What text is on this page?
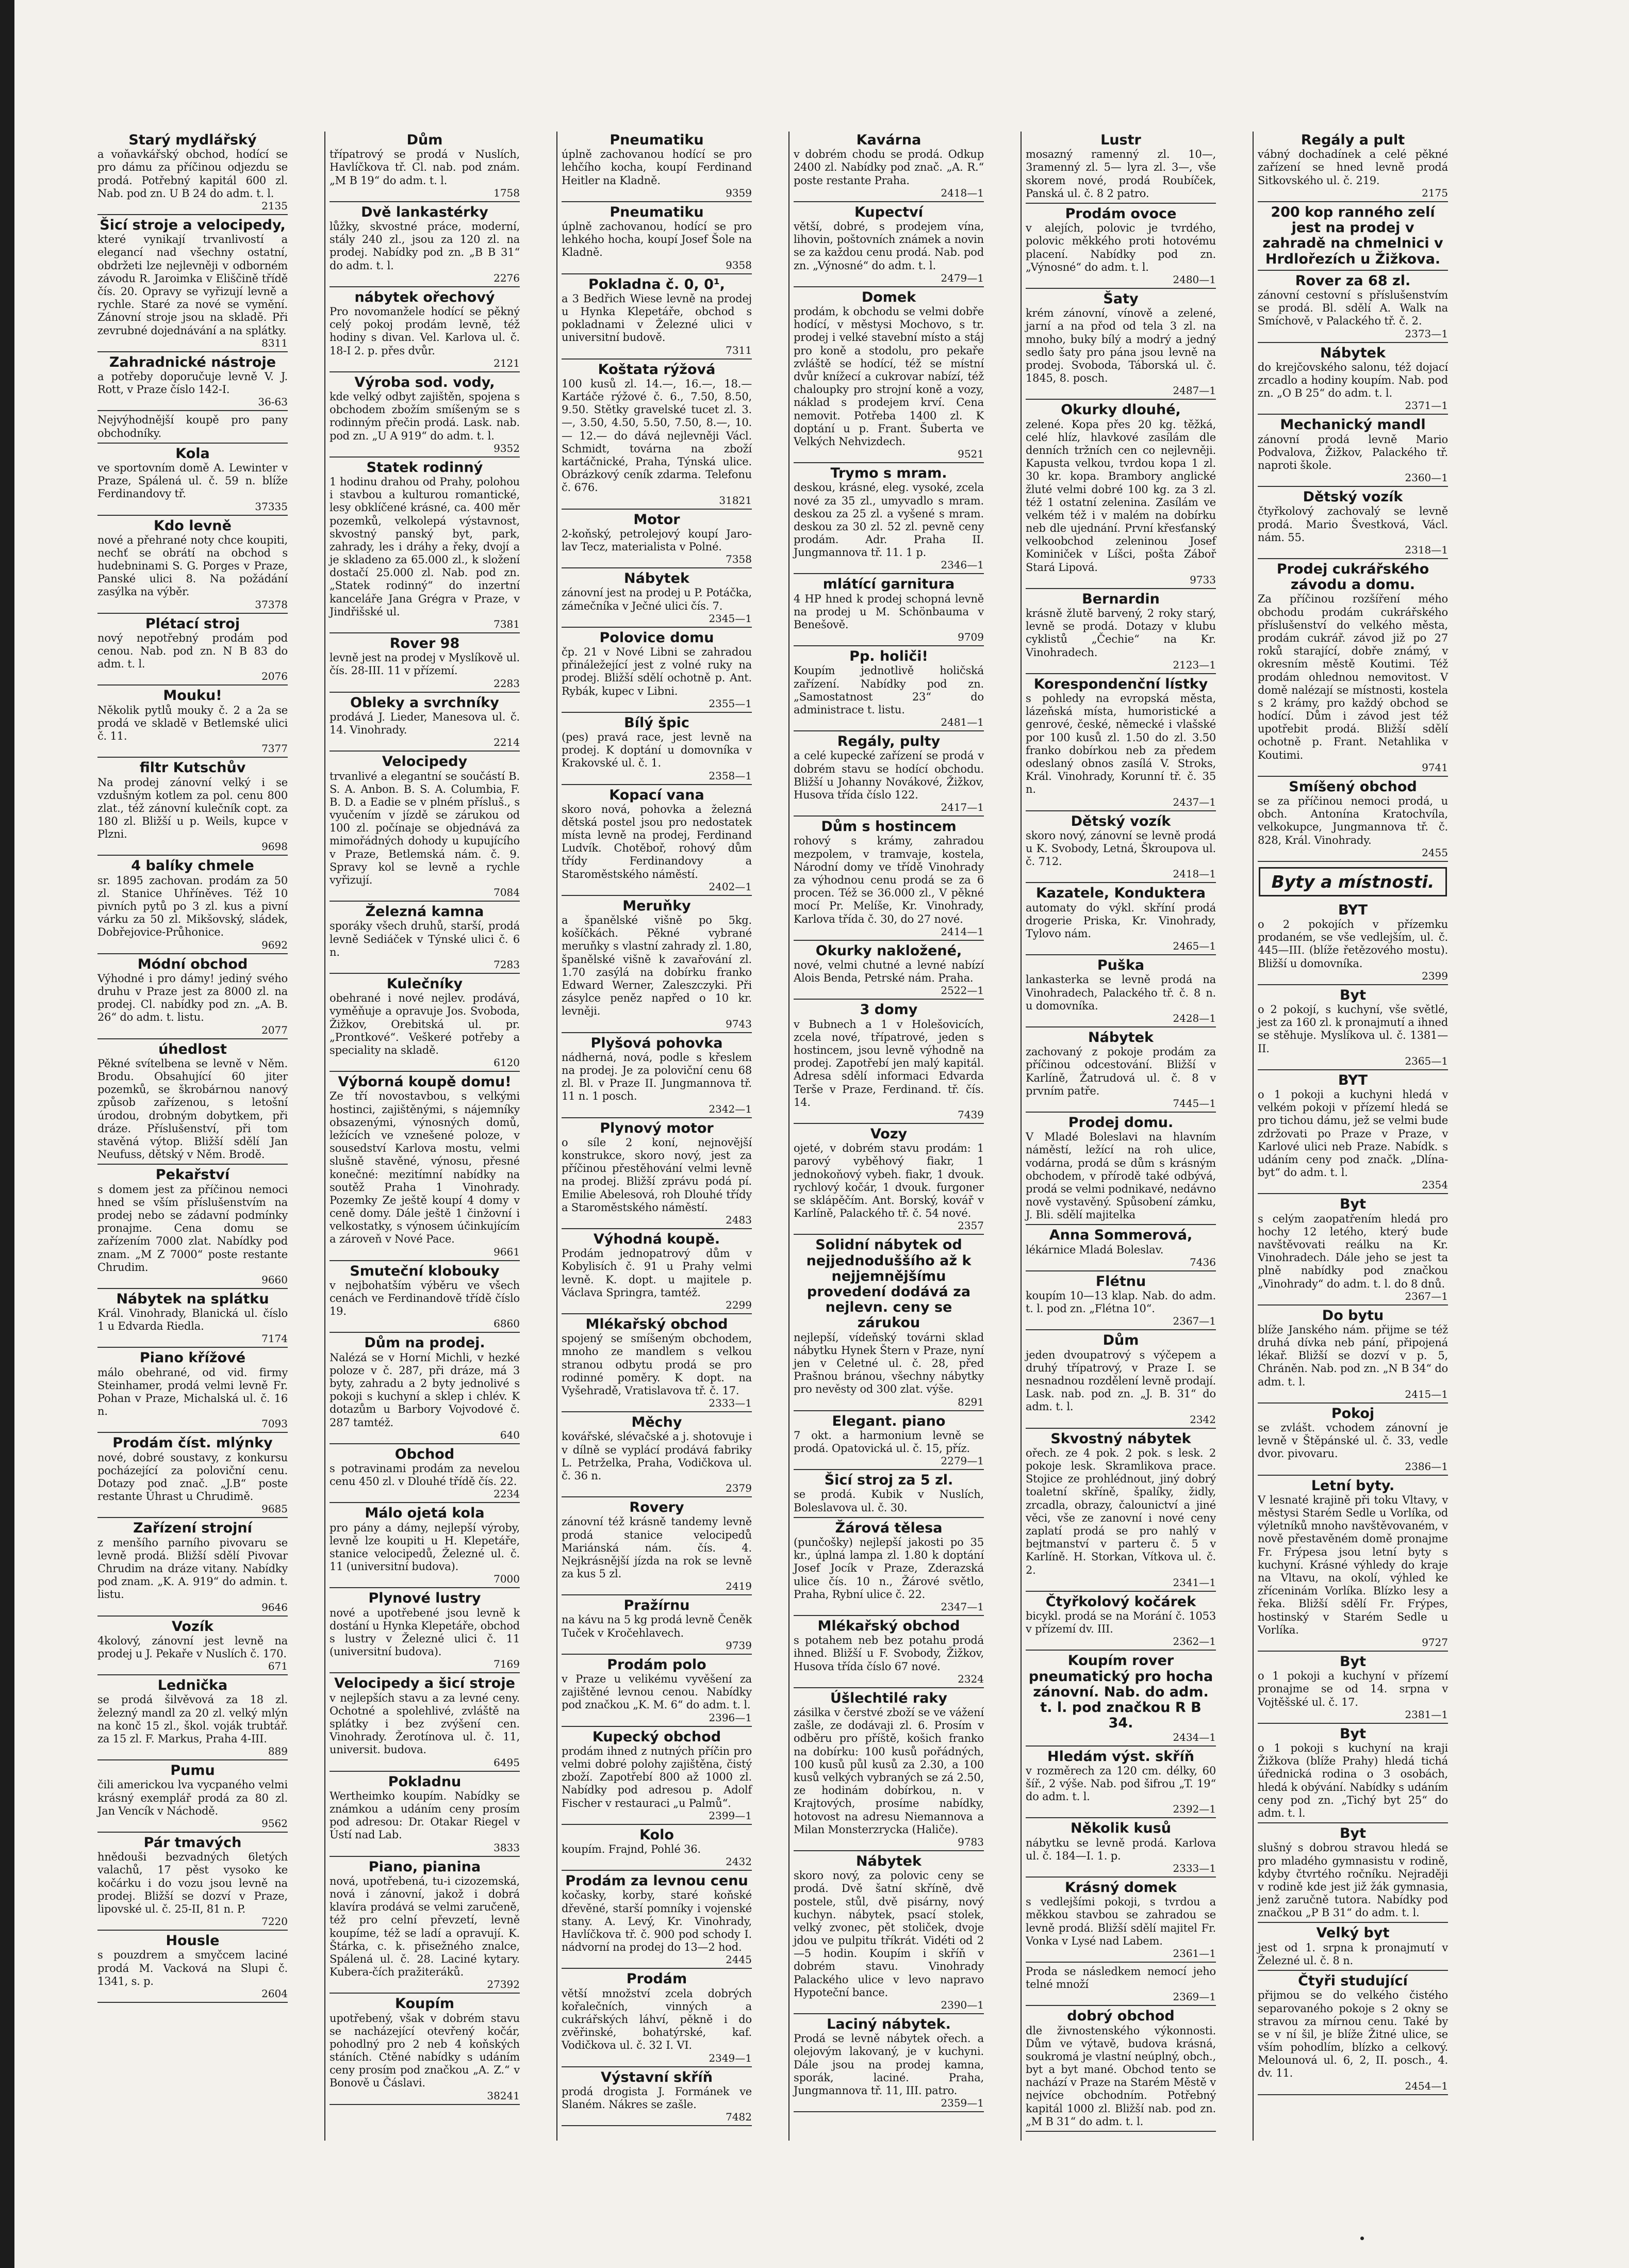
Starý mydlářský
a voňavkářský obchod, hodící se pro dámu za příčinou odjezdu se prodá. Potřebný kapitál 600 zl. Nab. pod zn. U B 24 do adm. t. l.
2135
Šicí stroje a velocipedy,
které vynikají trvanlivostí a elegancí nad všechny ostatní, obdržeti lze nejlevněji v odborném závodu R. Jaroimka v Eliščině třídě čís. 20. Opravy se vyřizují levně a rychle. Staré za nové se vymění. Zánovní stroje jsou na skladě. Při zevrubné dojednávání a na splátky.
8311
Zahradnické nástroje
a potřeby doporučuje levně V. J. Rott, v Praze číslo 142-I.
36-63
Nejvýhodnější koupě pro pany obchodníky.
Kola
ve sportovním domě A. Lewinter v Praze, Spálená ul. č. 59 n. blíže Ferdinandovy tř.
37335
Kdo levně
nové a přehrané noty chce koupiti, nechť se obrátí na obchod s hudebninami S. G. Porges v Praze, Panské ulici 8. Na požádání zasýlka na výběr.
37378
Plétací stroj
nový nepotřebný prodám pod cenou. Nab. pod zn. N B 83 do adm. t. l.
2076
Mouku!
Několik pytlů mouky č. 2 a 2a se prodá ve skladě v Betlemské ulici č. 11.
7377
filtr Kutschův
Na prodej zánovní velký i se vzdušným kotlem za pol. cenu 800 zlat., též zánovní kulečník copt. za 180 zl. Bližší u p. Weils, kupce v Plzni.
9698
4 balíky chmele
sr. 1895 zachovan. prodám za 50 zl. Stanice Uhříněves. Též 10 pivních pytů po 3 zl. kus a pivní várku za 50 zl. Mikšovský, sládek, Dobřejovice-Průhonice.
9692
Módní obchod
Výhodné i pro dámy! jediný svého druhu v Praze jest za 8000 zl. na prodej. Cl. nabídky pod zn. „A. B. 26“ do adm. t. listu.
2077
úhedlost
Pěkné svítelbena se levně v Něm. Brodu. Obsahující 60 jiter pozemků, se škrobárnou nanový způsob zařízenou, s letošní úrodou, drobným dobytkem, při dráze. Příslušenství, při tom stavěná výtop. Bližší sdělí Jan Neufuss, dětský v Něm. Brodě.
Pekařství
s domem jest za příčinou nemoci hned se vším příslušenstvím na prodej nebo se zádavní podmínky pronajme. Cena domu se zařízením 7000 zlat. Nabídky pod znam. „M Z 7000“ poste restante Chrudim.
9660
Nábytek na splátku
Král. Vinohrady, Blanická ul. číslo 1 u Edvarda Riedla.
7174
Piano křížové
málo obehrané, od vid. firmy Steinhamer, prodá velmi levně Fr. Pohan v Praze, Michalská ul. č. 16 n.
7093
Prodám číst. mlýnky
nové, dobré soustavy, z konkursu pocházející za poloviční cenu. Dotazy pod znač. „J.B“ poste restante Úhrast u Chrudimě.
9685
Zařízení strojní
z menšího parního pivovaru se levně prodá. Bližší sdělí Pivovar Chrudim na dráze vitany. Nabídky pod znam. „K. A. 919“ do admin. t. listu.
9646
Vozík
4kolový, zánovní jest levně na prodej u J. Pekaře v Nuslích č. 170.
671
Lednička
se prodá šilvěvová za 18 zl. železný mandl za 20 zl. velký mlýn na konč 15 zl., škol. voják trubtář. za 15 zl. F. Markus, Praha 4-III.
889
Pumu
čili americkou lva vycpaného velmi krásný exemplář prodá za 80 zl. Jan Vencík v Náchodě.
9562
Pár tmavých
hnědouši bezvadných 6letých valachů, 17 pěst vysoko ke kočárku i do vozu jsou levně na prodej. Bližší se dozví v Praze, lipovské ul. č. 25-II, 81 n. P.
7220
Housle
s pouzdrem a smyčcem laciné prodá M. Vacková na Slupi č. 1341, s. p.
2604
Dům
třípatrový se prodá v Nuslích, Havlíčkova tř. Cl. nab. pod znám. „M B 19“ do adm. t. l.
1758
Dvě lankastérky
lůžky, skvostné práce, moderní, stály 240 zl., jsou za 120 zl. na prodej. Nabídky pod zn. „B B 31“ do adm. t. l.
2276
nábytek ořechový
Pro novomanžele hodící se pěkný celý pokoj prodám levně, též hodiny s divan. Vel. Karlova ul. č. 18-I 2. p. přes dvůr.
2121
Výroba sod. vody,
kde velký odbyt zajištěn, spojena s obchodem zbožím smíšeným se s rodinným přečin prodá. Lask. nab. pod zn. „U A 919“ do adm. t. l.
9352
Statek rodinný
1 hodinu drahou od Prahy, polohou i stavbou a kulturou romantické, lesy obklíčené krásné, ca. 400 měr pozemků, velkolepá výstavnost, skvostný panský byt, park, zahrady, les i dráhy a řeky, dvojí a je skladeno za 65.000 zl., k složení dostačí 25.000 zl. Nab. pod zn. „Statek rodinný“ do inzertní kanceláře Jana Grégra v Praze, v Jindřišské ul.
7381
Rover 98
levně jest na prodej v Myslíkově ul. čís. 28-III. 11 v přízemí.
2283
Obleky a svrchníky
prodává J. Lieder, Manesova ul. č. 14. Vinohrady.
2214
Velocipedy
trvanlivé a elegantní se součástí B. S. A. Anbon. B. S. A. Columbia, F. B. D. a Eadie se v plném přísluš., s vyučením v jízdě se zárukou od 100 zl. počínaje se objednává za mimořádných dohody u kupujícího v Praze, Betlemská nám. č. 9. Spravy kol se levně a rychle vyřizují.
7084
Železná kamna
sporáky všech druhů, starší, prodá levně Sediáček v Týnské ulici č. 6 n.
7283
Kulečníky
obehrané i nové nejlev. prodává, vyměňuje a opravuje Jos. Svoboda, Žižkov, Orebitská ul. pr. „Prontkové“. Veškeré potřeby a speciality na skladě.
6120
Výborná koupě domu!
Ze tří novostavbou, s velkými hostinci, zajištěnými, s nájemníky obsazenými, výnosných domů, ležících ve vznešené poloze, v sousedství Karlova mostu, velmi slušně stavěné, výnosu, přesné konečné: mezitímní nabídky na soutěž Praha 1 Vinohrady. Pozemky Ze ještě koupí 4 domy v ceně domy. Dále ještě 1 činžovní i velkostatky, s výnosem účinkujícím a zároveň v Nové Pace.
9661
Smuteční klobouky
v nejbohatším výběru ve všech cenách ve Ferdinandově třídě číslo 19.
6860
Dům na prodej.
Nalézá se v Horní Michli, v hezké poloze v č. 287, při dráze, má 3 byty, zahradu a 2 byty jednolivé s pokoji s kuchyní a sklep i chlév. K dotazům u Barbory Vojvodové č. 287 tamtéž.
640
Obchod
s potravinami prodám za nevelou cenu 450 zl. v Dlouhé třídě čís. 22.
2234
Málo ojetá kola
pro pány a dámy, nejlepší výroby, levně lze koupiti u H. Klepetáře, stanice velocipedů, Železné ul. č. 11 (universitní budova).
7000
Plynové lustry
nové a upotřebené jsou levně k dostání u Hynka Klepetáře, obchod s lustry v Železné ulici č. 11 (universitní budova).
7169
Velocipedy a šicí stroje
v nejlepších stavu a za levné ceny. Ochotné a spolehlivé, zvláště na splátky i bez zvýšení cen. Vinohrady. Žerotínova ul. č. 11, universit. budova.
6495
Pokladnu
Wertheimko koupím. Nabídky se známkou a udáním ceny prosím pod adresou: Dr. Otakar Riegel v Ústí nad Lab.
3833
Piano, pianina
nová, upotřebená, tu-i cizozemská, nová i zánovní, jakož i dobrá klavíra prodává se velmi zaručeně, též pro celní převzetí, levně koupíme, též se ladí a opravují. K. Štárka, c. k. přisežného znalce, Spálená ul. č. 28. Laciné kytary. Kubera-čích pražiteráků.
27392
Koupím
upotřebený, však v dobrém stavu se nacházející otevřený kočár, pohodlný pro 2 neb 4 koňských stáních. Ctěné nabídky s udáním ceny prosím pod značkou „A. Z.“ v Bonově u Čáslavi.
38241
Pneumatiku
úplně zachovanou hodící se pro lehčího kocha, koupí Ferdinand Heitler na Kladně.
9359
Pneumatiku
úplně zachovanou, hodící se pro lehkého hocha, koupí Josef Šole na Kladně.
9358
Pokladna č. 0, 0¹,
a 3 Bedřich Wiese levně na prodej u Hynka Klepetáře, obchod s pokladnami v Železné ulici v universitní budově.
7311
Koštata rýžová
100 kusů zl. 14.—, 16.—, 18.— Kartáče rýžové č. 6., 7.50, 8.50, 9.50. Stětky gravelské tucet zl. 3.—, 3.50, 4.50, 5.50, 7.50, 8.—, 10.— 12.— do dává nejlevněji Václ. Schmidt, továrna na zboží kartáčnické, Praha, Týnská ulice. Obrázkový ceník zdarma. Telefonu č. 676.
31821
Motor
2-koňský, petrolejový koupí Jaro-lav Tecz, materialista v Polné.
7358
Nábytek
zánovní jest na prodej u P. Potáčka, zámečníka v Ječné ulici čís. 7.
2345—1
Polovice domu
čp. 21 v Nové Libni se zahradou přináležející jest z volné ruky na prodej. Bližší sdělí ochotně p. Ant. Rybák, kupec v Libni.
2355—1
Bílý špic
(pes) pravá race, jest levně na prodej. K doptání u domovníka v Krakovské ul. č. 1.
2358—1
Kopací vana
skoro nová, pohovka a železná dětská postel jsou pro nedostatek místa levně na prodej, Ferdinand Ludvík. Chotěboř, rohový dům třídy Ferdinandovy a Staroměstského náměstí.
2402—1
Meruňky
a španělské višně po 5kg. košíčkách. Pěkné vybrané meruňky s vlastní zahrady zl. 1.80, španělské višně k zavařování zl. 1.70 zasýlá na dobírku franko Edward Werner, Zaleszczyki. Při zásylce peněz napřed o 10 kr. levněji.
9743
Plyšová pohovka
nádherná, nová, podle s křeslem na prodej. Je za poloviční cenu 68 zl. Bl. v Praze II. Jungmannova tř. 11 n. 1 posch.
2342—1
Plynový motor
o síle 2 koní, nejnovější konstrukce, skoro nový, jest za příčinou přestěhování velmi levně na prodej. Bližší zprávu podá pí. Emilie Abelesová, roh Dlouhé třídy a Staroměstského náměstí.
2483
Výhodná koupě.
Prodám jednopatrový dům v Kobylisích č. 91 u Prahy velmi levně. K. dopt. u majitele p. Václava Springra, tamtéž.
2299
Mlékařský obchod
spojený se smíšeným obchodem, mnoho ze mandlem s velkou stranou odbytu prodá se pro rodinné poměry. K dopt. na Vyšehradě, Vratislavova tř. č. 17.
2333—1
Měchy
kovářské, slévačské a j. shotovuje i v dílně se vyplácí prodává fabriky L. Petrželka, Praha, Vodičkova ul. č. 36 n.
2379
Rovery
zánovní též krásně tandemy levně prodá stanice velocipedů Mariánská nám. čís. 4. Nejkrásnější jízda na rok se levně za kus 5 zl.
2419
Pražírnu
na kávu na 5 kg prodá levně Čeněk Tuček v Kročehlavech.
9739
Prodám polo
v Praze u velikému vyvěšení za zajištěné levnou cenou. Nabídky pod značkou „K. M. 6“ do adm. t. l.
2396—1
Kupecký obchod
prodám ihned z nutných příčin pro velmi dobré polohy zajištěna, čistý zboží. Zapotřebí 800 až 1000 zl. Nabídky pod adresou p. Adolf Fischer v restauraci „u Palmů“.
2399—1
Kolo
koupím. Frajnd, Pohlé 36.
2432
Prodám za levnou cenu
kočasky, korby, staré koňské dřevěné, starší pomníky i vojenské stany. A. Levý, Kr. Vinohrady, Havlíčkova tř. č. 900 pod schody I. nádvorní na prodej do 13—2 hod.
2445
Prodám
větší množství zcela dobrých kořalečních, vinných a cukrářských láhví, pěkně i do zvěřinské, bohatýrské, kaf. Vodičkova ul. č. 32 I. VI.
2349—1
Výstavní skříň
prodá drogista J. Formánek ve Slaném. Nákres se zašle.
7482
Kavárna
v dobrém chodu se prodá. Odkup 2400 zl. Nabídky pod znač. „A. R.“ poste restante Praha.
2418—1
Kupectví
větší, dobré, s prodejem vína, lihovin, poštovních známek a novin se za každou cenu prodá. Nab. pod zn. „Výnosné“ do adm. t. l.
2479—1
Domek
prodám, k obchodu se velmi dobře hodící, v městysi Mochovo, s tr. prodej i velké stavební místo a stáj pro koně a stodolu, pro pekaře zvláště se hodící, též se místní dvůr knížecí a cukrovar nabízí, též chaloupky pro strojní koně a vozy, náklad s prodejem krví. Cena nemovit. Potřeba 1400 zl. K doptání u p. Frant. Šuberta ve Velkých Nehvizdech.
9521
Trymo s mram.
deskou, krásné, eleg. vysoké, zcela nové za 35 zl., umyvadlo s mram. deskou za 25 zl. a vyšené s mram. deskou za 30 zl. 52 zl. pevně ceny prodám. Adr. Praha II. Jungmannova tř. 11. 1 p.
2346—1
mlátící garnitura
4 HP hned k prodej schopná levně na prodej u M. Schönbauma v Benešově.
9709
Pp. holiči!
Koupím jednotlivě holičská zařízení. Nabídky pod zn. „Samostatnost 23“ do administrace t. listu.
2481—1
Regály, pulty
a celé kupecké zařízení se prodá v dobrém stavu se hodící obchodu. Bližší u Johanny Novákové, Žižkov, Husova třída číslo 122.
2417—1
Dům s hostincem
rohový s krámy, zahradou mezpolem, v tramvaje, kostela, Národní domy ve třídě Vinohrady za výhodnou cenu prodá se za 6 procen. Též se 36.000 zl., V pěkné mocí Pr. Melíše, Kr. Vinohrady, Karlova třída č. 30, do 27 nové.
2414—1
Okurky nakložené,
nové, velmi chutné a levné nabízí Alois Benda, Petrské nám. Praha.
2522—1
3 domy
v Bubnech a 1 v Holešovicích, zcela nové, třípatrové, jeden s hostincem, jsou levně výhodně na prodej. Zapotřebí jen malý kapitál. Adresa sdělí informaci Edvarda Terše v Praze, Ferdinand. tř. čís. 14.
7439
Vozy
ojeté, v dobrém stavu prodám: 1 parový vyběhový fiakr, 1 jednokoňový vybeh. fiakr, 1 dvouk. rychlový kočár, 1 dvouk. furgoner se sklápěčím. Ant. Borský, kovář v Karlíně, Palackého tř. č. 54 nové.
2357
Solidní nábytek od nejjednoduššího až k nejjemnějšímu provedení dodává za nejlevn. ceny se zárukou
nejlepší, vídeňský továrni sklad nábytku Hynek Štern v Praze, nyní jen v Celetné ul. č. 28, před Prašnou bránou, všechny nábytky pro nevěsty od 300 zlat. výše.
8291
Elegant. piano
7 okt. a harmonium levně se prodá. Opatovická ul. č. 15, příz.
2279—1
Šicí stroj za 5 zl.
se prodá. Kubik v Nuslích, Boleslavova ul. č. 30.
Žárová tělesa
(punčošky) nejlepší jakosti po 35 kr., úplná lampa zl. 1.80 k doptání Josef Jocík v Praze, Zderazská ulice čís. 10 n., Žárové světlo, Praha, Rybní ulice č. 22.
2347—1
Mlékařský obchod
s potahem neb bez potahu prodá ihned. Bližší u F. Svobody, Žižkov, Husova třída číslo 67 nové.
2324
Úšlechtilé raky
zásilka v čerstvé zboží se ve vážení zašle, ze dodávaji zl. 6. Prosím v odběru pro příště, košich franko na dobírku: 100 kusů pořádných, 100 kusů půl kusů za 2.30, a 100 kusů velkých vybraných se zá 2.50, ze hodinám dobírkou, n. v Krajtových, prosíme nabídky, hotovost na adresu Niemannova a Milan Monsterzrycka (Haliče).
9783
Nábytek
skoro nový, za polovic ceny se prodá. Dvě šatní skříně, dvě postele, stůl, dvě pisárny, nový kuchyn. nábytek, psací stolek, velký zvonec, pět stoliček, dvoje jdou ve pulpitu tříkrát. Vidéti od 2—5 hodin. Koupím i skříň v dobrém stavu. Vinohrady Palackého ulice v levo napravo Hypoteční bance.
2390—1
Laciný nábytek.
Prodá se levně nábytek ořech. a olejovým lakovaný, je v kuchyni. Dále jsou na prodej kamna, sporák, laciné. Praha, Jungmannova tř. 11, III. patro.
2359—1
Lustr
mosazný ramenný zl. 10—, 3ramenný zl. 5— lyra zl. 3—, vše skorem nové, prodá Roubíček, Panská ul. č. 8 2 patro.
Prodám ovoce
v alejích, polovic je tvrdého, polovic měkkého proti hotovému placení. Nabídky pod zn. „Výnosné“ do adm. t. l.
2480—1
Šaty
krém zánovní, vínově a zelené, jarní a na přod od tela 3 zl. na mnoho, buky bílý a modrý a jedný sedlo šaty pro pána jsou levně na prodej. Svoboda, Táborská ul. č. 1845, 8. posch.
2487—1
Okurky dlouhé,
zelené. Kopa přes 20 kg. těžká, celé hlíz, hlavkové zasílám dle denních tržních cen co nejlevněji. Kapusta velkou, tvrdou kopa 1 zl. 30 kr. kopa. Brambory anglické žluté velmi dobré 100 kg. za 3 zl. též 1 ostatní zelenina. Zasílám ve velkém též i v malém na dobírku neb dle ujednání. První křesťanský velkoobchod zeleninou Josef Kominiček v Líšci, pošta Záboř Stará Lipová.
9733
Bernardin
krásně žlutě barvený, 2 roky starý, levně se prodá. Dotazy v klubu cyklistů „Čechie“ na Kr. Vinohradech.
2123—1
Korespondenční lístky
s pohledy na evropská města, lázeňská místa, humoristické a genrové, české, německé i vlašské por 100 kusů zl. 1.50 do zl. 3.50 franko dobírkou neb za předem odeslaný obnos zasílá V. Stroks, Král. Vinohrady, Korunní tř. č. 35 n.
2437—1
Dětský vozík
skoro nový, zánovní se levně prodá u K. Svobody, Letná, Škroupova ul. č. 712.
2418—1
Kazatele, Konduktera
automaty do výkl. skříní prodá drogerie Priska, Kr. Vinohrady, Tylovo nám.
2465—1
Puška
lankasterka se levně prodá na Vinohradech, Palackého tř. č. 8 n. u domovníka.
2428—1
Nábytek
zachovaný z pokoje prodám za příčinou odcestování. Bližší v Karlíně, Žatrudová ul. č. 8 v prvním patře.
7445—1
Prodej domu.
V Mladé Boleslavi na hlavním náměstí, ležící na roh ulice, vodárna, prodá se dům s krásným obchodem, v přírodě také odbývá, prodá se velmi podnikavé, nedávno nově vystavěný. Spůsobení zámku, J. Bli. sdělí majitelka
Anna Sommerová,
lékárnice Mladá Boleslav.
7436
Flétnu
koupím 10—13 klap. Nab. do adm. t. l. pod zn. „Flétna 10“.
2367—1
Dům
jeden dvoupatrový s výčepem a druhý třípatrový, v Praze I. se nesnadnou rozdělení levně prodají. Lask. nab. pod zn. „J. B. 31“ do adm. t. l.
2342
Skvostný nábytek
ořech. ze 4 pok. 2 pok. s lesk. 2 pokoje lesk. Skramlikova prace. Stojice ze prohlédnout, jiný dobrý toaletní skříně, špalíky, židly, zrcadla, obrazy, čalounictví a jiné věci, vše ze zanovní i nové ceny zaplatí prodá se pro nahlý v bejtmanství v parteru č. 5 v Karlíně. H. Storkan, Vítkova ul. č. 2.
2341—1
Čtyřkolový kočárek
bicykl. prodá se na Morání č. 1053 v přízemí dv. III.
2362—1
Koupím rover pneumatický pro hocha zánovní. Nab. do adm. t. l. pod značkou R B 34.
2434—1
Hledám výst. skříň
v rozměrech za 120 cm. délky, 60 šíř., 2 výše. Nab. pod šifrou „T. 19“ do adm. t. l.
2392—1
Několik kusů
nábytku se levně prodá. Karlova ul. č. 184—I. 1. p.
2333—1
Krásný domek
s vedlejšími pokoji, s tvrdou a měkkou stavbou se zahradou se levně prodá. Bližší sdělí majitel Fr. Vonka v Lysé nad Labem.
2361—1
Proda se následkem nemocí jeho telné množí
2369—1
dobrý obchod
dle živnostenského výkonnosti. Dům ve výtavě, budova krásná, soukromá je vlastní neúplný, obch., byt a byt mané. Obchod tento se nachází v Praze na Starém Městě v nejvíce obchodním. Potřebný kapitál 1000 zl. Bližší nab. pod zn. „M B 31“ do adm. t. l.
Regály a pult
vábný dochadínek a celé pěkné zařízení se hned levně prodá Sitkovského ul. č. 219.
2175
200 kop ranného zelí jest na prodej v zahradě na chmelnici v Hrdlořezích u Žižkova.
Rover za 68 zl.
zánovní cestovní s příslušenstvím se prodá. Bl. sdělí A. Walk na Smíchově, v Palackého tř. č. 2.
2373—1
Nábytek
do krejčovského salonu, též dojací zrcadlo a hodiny koupím. Nab. pod zn. „O B 25“ do adm. t. l.
2371—1
Mechanický mandl
zánovní prodá levně Mario Podvalova, Žižkov, Palackého tř. naproti škole.
2360—1
Dětský vozík
čtyřkolový zachovalý se levně prodá. Mario Švestková, Václ. nám. 55.
2318—1
Prodej cukrářského závodu a domu.
Za příčinou rozšíření mého obchodu prodám cukrářského příslušenství do velkého města, prodám cukrář. závod již po 27 roků starající, dobře známý, v okresním městě Koutimi. Též prodám ohlednou nemovitost. V domě nalézají se místnosti, kostela s 2 krámy, pro každý obchod se hodící. Dům i závod jest též upotřebit prodá. Bližší sdělí ochotně p. Frant. Netahlika v Koutimi.
9741
Smíšený obchod
se za příčinou nemoci prodá, u obch. Antonína Kratochvíla, velkokupce, Jungmannova tř. č. 828, Král. Vinohrady.
2455
Byty a místnosti.
BYT
o 2 pokojích v přízemku prodaném, se vše vedlejším, ul. č. 445—III. (blíže řetězového mostu). Bližší u domovníka.
2399
Byt
o 2 pokojí, s kuchyní, vše světlé, jest za 160 zl. k pronajmutí a ihned se stěhuje. Myslíkova ul. č. 1381—II.
2365—1
BYT
o 1 pokoji a kuchyni hledá v velkém pokoji v přízemí hledá se pro tichou dámu, jež se velmi bude zdržovati po Praze v Praze, v Karlové ulici neb Praze. Nabídk. s udáním ceny pod značk. „Dlína-byt“ do adm. t. l.
2354
Byt
s celým zaopatřením hledá pro hochy 12 letého, který bude navštěvovati reálku na Kr. Vinohradech. Dále jeho se jest ta plně nabídky pod značkou „Vinohrady“ do adm. t. l. do 8 dnů.
2367—1
Do bytu
blíže Janského nám. přijme se též druhá dívka neb pání, připojená lékař. Bližší se dozví v p. 5, Chráněn. Nab. pod zn. „N B 34“ do adm. t. l.
2415—1
Pokoj
se zvlášt. vchodem zánovní je levně v Štěpánské ul. č. 33, vedle dvor. pivovaru.
2386—1
Letní byty.
V lesnaté krajině při toku Vltavy, v městysi Starém Sedle u Vorlíka, od výletníků mnoho navštěvovaném, v nově přestavěném domě pronajme Fr. Frýpesa jsou letní byty s kuchyní. Krásné výhledy do kraje na Vltavu, na okolí, výhled ke zříceninám Vorlíka. Blízko lesy a řeka. Bližší sdělí Fr. Frýpes, hostinský v Starém Sedle u Vorlíka.
9727
Byt
o 1 pokoji a kuchyní v přízemí pronajme se od 14. srpna v Vojtěšské ul. č. 17.
2381—1
Byt
o 1 pokoji s kuchyní na kraji Žižkova (blíže Prahy) hledá tichá úřednická rodina o 3 osobách, hledá k obývání. Nabídky s udáním ceny pod zn. „Tichý byt 25“ do adm. t. l.
Byt
slušný s dobrou stravou hledá se pro mladého gymnasistu v rodině, kdyby čtvrtého ročníku. Nejraději v rodině kde jest již žák gymnasia, jenž zaručně tutora. Nabídky pod značkou „P B 31“ do adm. t. l.
Velký byt
jest od 1. srpna k pronajmutí v Železné ul. č. 8 n.
Čtyři studující
přijmou se do velkého čistého separovaného pokoje s 2 okny se stravou za mírnou cenu. Také by se v ní šil, je blíže Žitné ulice, se vším pohodlím, blízko a celkový. Melounová ul. 6, 2, II. posch., 4. dv. 11.
2454—1
